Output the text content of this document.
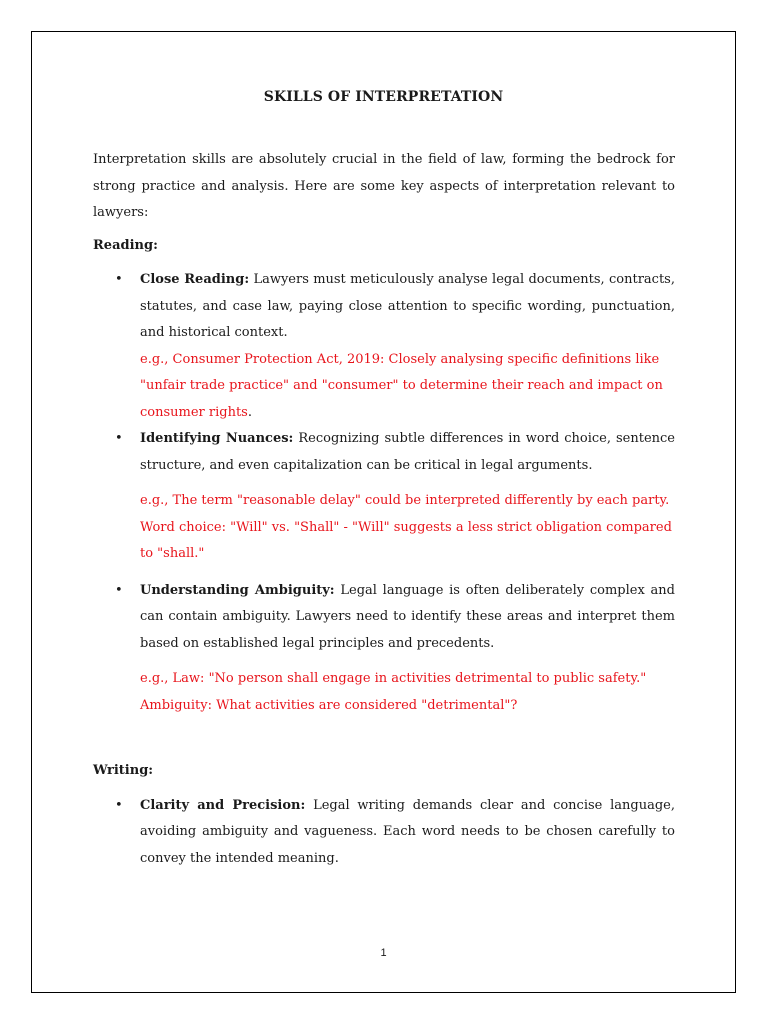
SKILLS OF INTERPRETATION

Interpretation skills are absolutely crucial in the field of law, forming the bedrock for strong practice and analysis. Here are some key aspects of interpretation relevant to lawyers:

Reading:
• Close Reading: Lawyers must meticulously analyse legal documents, contracts, statutes, and case law, paying close attention to specific wording, punctuation, and historical context.
e.g., Consumer Protection Act, 2019: Closely analysing specific definitions like "unfair trade practice" and "consumer" to determine their reach and impact on consumer rights.
• Identifying Nuances: Recognizing subtle differences in word choice, sentence structure, and even capitalization can be critical in legal arguments.
e.g., The term "reasonable delay" could be interpreted differently by each party. Word choice: "Will" vs. "Shall" - "Will" suggests a less strict obligation compared to "shall."
• Understanding Ambiguity: Legal language is often deliberately complex and can contain ambiguity. Lawyers need to identify these areas and interpret them based on established legal principles and precedents.
e.g., Law: "No person shall engage in activities detrimental to public safety." Ambiguity: What activities are considered "detrimental"?
Writing:
• Clarity and Precision: Legal writing demands clear and concise language, avoiding ambiguity and vagueness. Each word needs to be chosen carefully to convey the intended meaning.
1
